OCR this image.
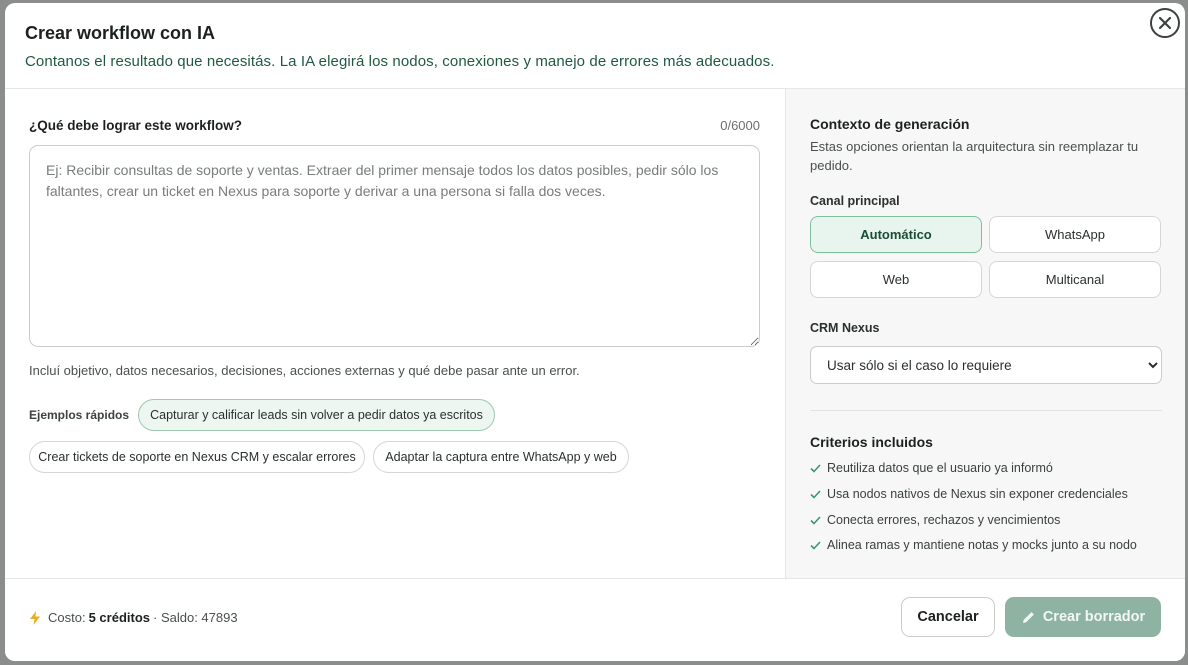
Crear workflow con IA
Contanos el resultado que necesitás. La IA elegirá los nodos, conexiones y manejo de errores más adecuados.
¿Qué debe lograr este workflow?	0/6000
Ej: Recibir consultas de soporte y ventas. Extraer del primer mensaje todos los datos posibles, pedir sólo los faltantes, crear un ticket en Nexus para soporte y derivar a una persona si falla dos veces.
Incluí objetivo, datos necesarios, decisiones, acciones externas y qué debe pasar ante un error.
Ejemplos rápidos	Capturar y calificar leads sin volver a pedir datos ya escritos
Crear tickets de soporte en Nexus CRM y escalar errores	Adaptar la captura entre WhatsApp y web
Contexto de generación
Estas opciones orientan la arquitectura sin reemplazar tu pedido.
Canal principal
Automático	WhatsApp
Web	Multicanal
CRM Nexus
Usar sólo si el caso lo requiere
Criterios incluidos
Reutiliza datos que el usuario ya informó
Usa nodos nativos de Nexus sin exponer credenciales
Conecta errores, rechazos y vencimientos
Alinea ramas y mantiene notas y mocks junto a su nodo
Costo: 5 créditos · Saldo: 47893	Cancelar	Crear borrador
